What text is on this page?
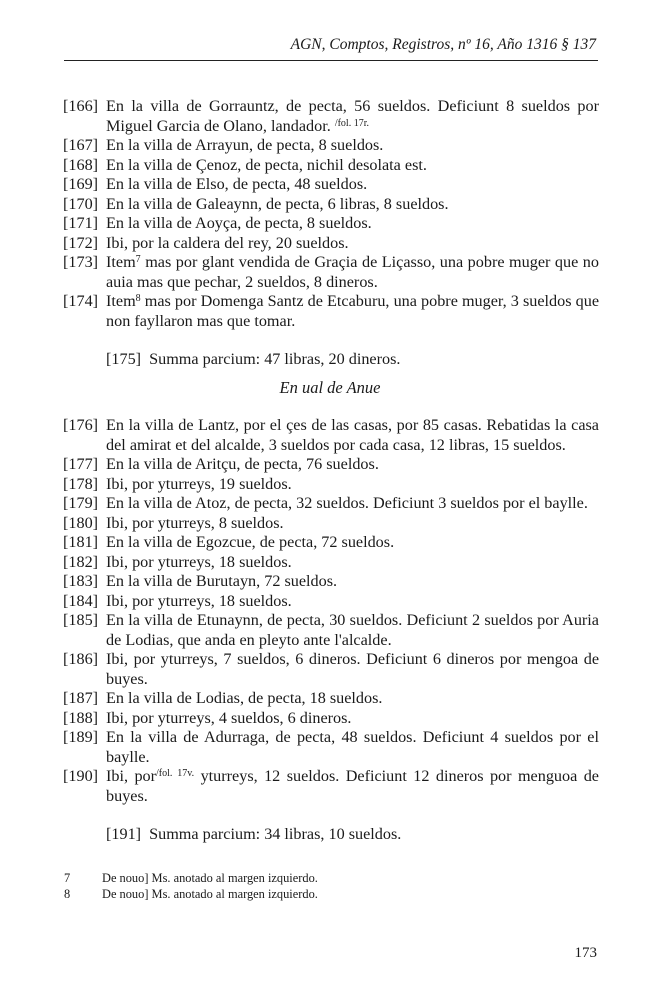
AGN, Comptos, Registros, nº 16, Año 1316 § 137

[166] En la villa de Gorrauntz, de pecta, 56 sueldos. Deficiunt 8 sueldos por Miguel Garcia de Olano, landador. $^{/fol. 17r.}$

[167] En la villa de Arrayun, de pecta, 8 sueldos.

[168] En la villa de Çenoz, de pecta, nichil desolata est.

[169] En la villa de Elso, de pecta, 48 sueldos.

[170] En la villa de Galeaynn, de pecta, 6 libras, 8 sueldos.

[171] En la villa de Aoyça, de pecta, 8 sueldos.

[172] Ibi, por la caldera del rey, 20 sueldos.

[173] Item$^7$ mas por glant vendida de Graçia de Liçasso, una pobre muger que no auia mas que pechar, 2 sueldos, 8 dineros.

[174] Item$^8$ mas por Domenga Santz de Etcaburu, una pobre muger, 3 sueldos que non fayllaron mas que tomar.

[175] Summa parcium: 47 libras, 20 dineros.

En ual de Anue

[176] En la villa de Lantz, por el çes de las casas, por 85 casas. Rebatidas la casa del amirat et del alcalde, 3 sueldos por cada casa, 12 libras, 15 sueldos.

[177] En la villa de Aritçu, de pecta, 76 sueldos.

[178] Ibi, por yturreys, 19 sueldos.

[179] En la villa de Atoz, de pecta, 32 sueldos. Deficiunt 3 sueldos por el baylle.

[180] Ibi, por yturreys, 8 sueldos.

[181] En la villa de Egozcue, de pecta, 72 sueldos.

[182] Ibi, por yturreys, 18 sueldos.

[183] En la villa de Burutayn, 72 sueldos.

[184] Ibi, por yturreys, 18 sueldos.

[185] En la villa de Etunaynn, de pecta, 30 sueldos. Deficiunt 2 sueldos por Auria de Lodias, que anda en pleyto ante l'alcalde.

[186] Ibi, por yturreys, 7 sueldos, 6 dineros. Deficiunt 6 dineros por mengoa de buyes.

[187] En la villa de Lodias, de pecta, 18 sueldos.

[188] Ibi, por yturreys, 4 sueldos, 6 dineros.

[189] En la villa de Adurraga, de pecta, 48 sueldos. Deficiunt 4 sueldos por el baylle.

[190] Ibi, por$^{/fol. 17v.}$ yturreys, 12 sueldos. Deficiunt 12 dineros por menguoa de buyes.

[191] Summa parcium: 34 libras, 10 sueldos.

7	De nouo] Ms. anotado al margen izquierdo.
8	De nouo] Ms. anotado al margen izquierdo.
173
